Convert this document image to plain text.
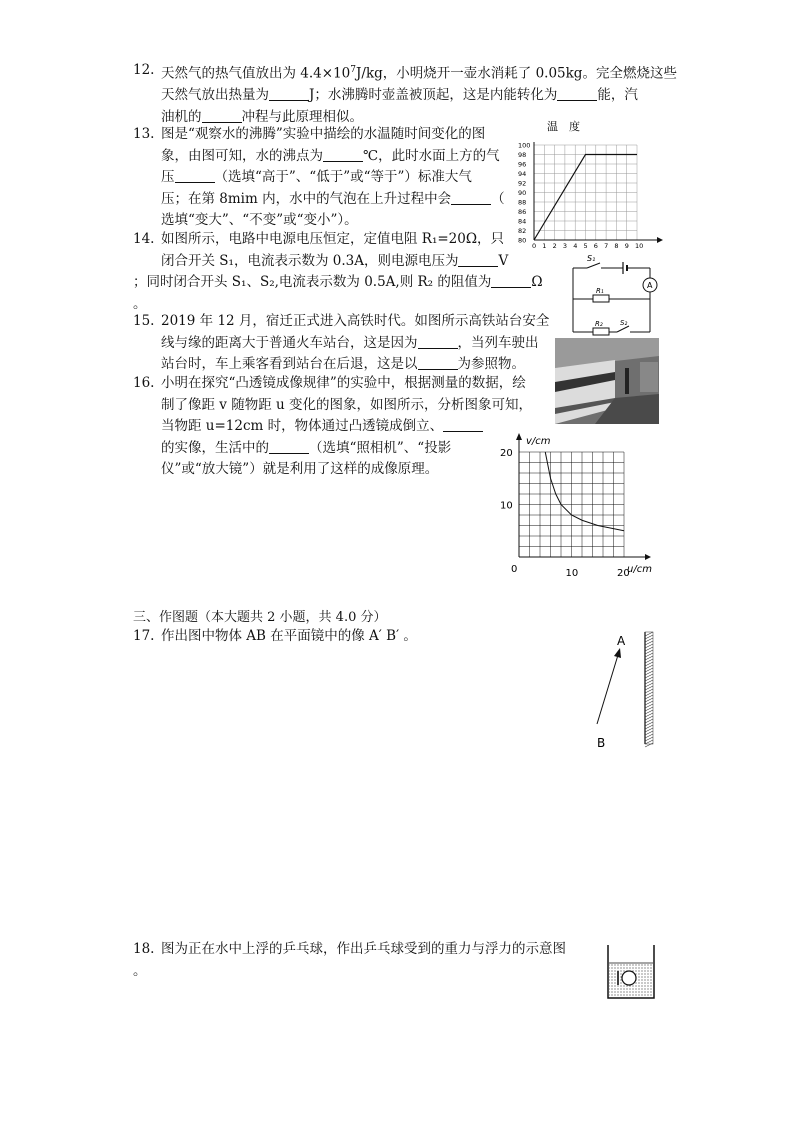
12. 天然气的热气值放出为 $4.4\times 10^7J/kg$，小明烧开一壶水消耗了 0.05kg。完全燃烧这些
天然气放出热量为	J；水沸腾时壶盖被顶起，这是内能转化为	能，汽
油机的	冲程与此原理相似。
13. 图是“观察水的沸腾”实验中描绘的水温随时间变化的图
象，由图可知，水的沸点为	℃，此时水面上方的气
压	（选填“高于”、“低于”或“等于”）标准大气
压；在第 8mim 内，水中的气泡在上升过程中会	（
选填“变大”、“不变”或“变小”）。
温　度
80
82
84
86
88
90
92
94
96
98
100
0 1 2 3 4 5 6 7 8 9 10
14. 如图所示，电路中电源电压恒定，定值电阻 R₁=20Ω，只
闭合开关 S₁，电流表示数为 0.3A，则电源电压为	V
；同时闭合开头 S₁、S₂,电流表示数为 0.5A,则 R₂ 的阻值为	Ω
。
S₁
A
R₁
R₂ S₂
15. 2019 年 12 月，宿迁正式进入高铁时代。如图所示高铁站台安全
线与缘的距离大于普通火车站台，这是因为	，当列车驶出
站台时，车上乘客看到站台在后退，这是以	为参照物。
16. 小明在探究“凸透镜成像规律”的实验中，根据测量的数据，绘
制了像距 v 随物距 u 变化的图象，如图所示，分析图象可知，
当物距 u=12cm 时，物体通过凸透镜成倒立、
的实像，生活中的	（选填“照相机”、“投影
仪”或“放大镜”）就是利用了这样的成像原理。
v/cm
u/cm
0	10	20
10
20
三、作图题（本大题共 2 小题，共 4.0 分）
17. 作出图中物体 AB 在平面镜中的像 A′ B′ 。	A
B
18. 图为正在水中上浮的乒乓球，作出乒乓球受到的重力与浮力的示意图
。
